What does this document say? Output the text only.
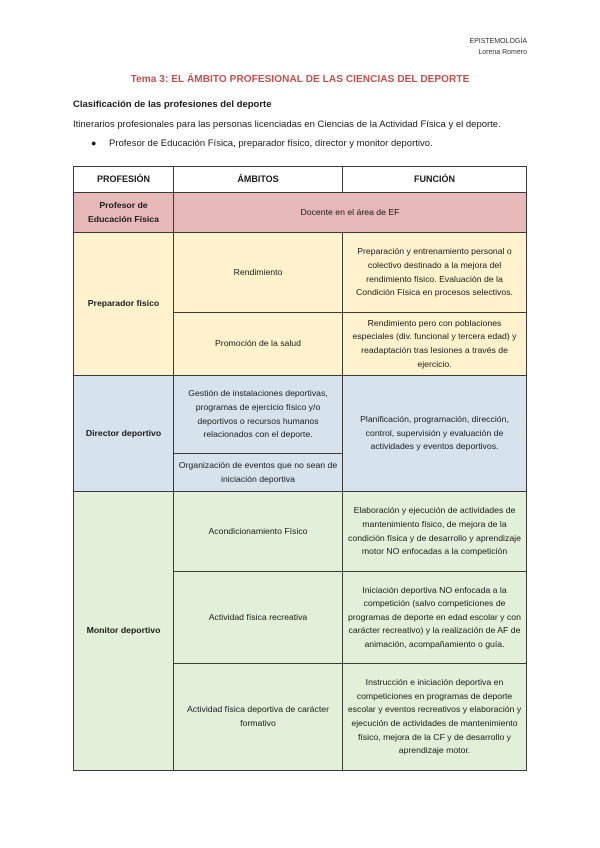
EPISTEMOLOGÍA
Lorena Romero
Tema 3: EL ÁMBITO PROFESIONAL DE LAS CIENCIAS DEL DEPORTE
Clasificación de las profesiones del deporte
Itinerarios profesionales para las personas licenciadas en Ciencias de la Actividad Física y el deporte.
●	Profesor de Educación Física, preparador físico, director y monitor deportivo.
PROFESIÓN	ÁMBITOS	FUNCIÓN
Profesor de Educación Física	Docente en el área de EF	
Preparador físico	Rendimiento	Preparación y entrenamiento personal o colectivo destinado a la mejora del rendimiento físico. Evaluación de la Condición Física en procesos selectivos.
	Promoción de la salud	Rendimiento pero con poblaciones especiales (div. funcional y tercera edad) y readaptación tras lesiones a través de ejercicio.
Director deportivo	Gestión de instalaciones deportivas, programas de ejercicio físico y/o deportivos o recursos humanos relacionados con el deporte.	Planificación, programación, dirección, control, supervisión y evaluación de actividades y eventos deportivos.
	Organización de eventos que no sean de iniciación deportiva	
Monitor deportivo	Acondicionamiento Físico	Elaboración y ejecución de actividades de mantenimiento físico, de mejora de la condición física y de desarrollo y aprendizaje motor NO enfocadas a la competición
	Actividad física recreativa	Iniciación deportiva NO enfocada a la competición (salvo competiciones de programas de deporte en edad escolar y con carácter recreativo) y la realización de AF de animación, acompañamiento o guía.
	Actividad física deportiva de carácter formativo	Instrucción e iniciación deportiva en competiciones en programas de deporte escolar y eventos recreativos y elaboración y ejecución de actividades de mantenimiento físico, mejora de la CF y de desarrollo y aprendizaje motor.
